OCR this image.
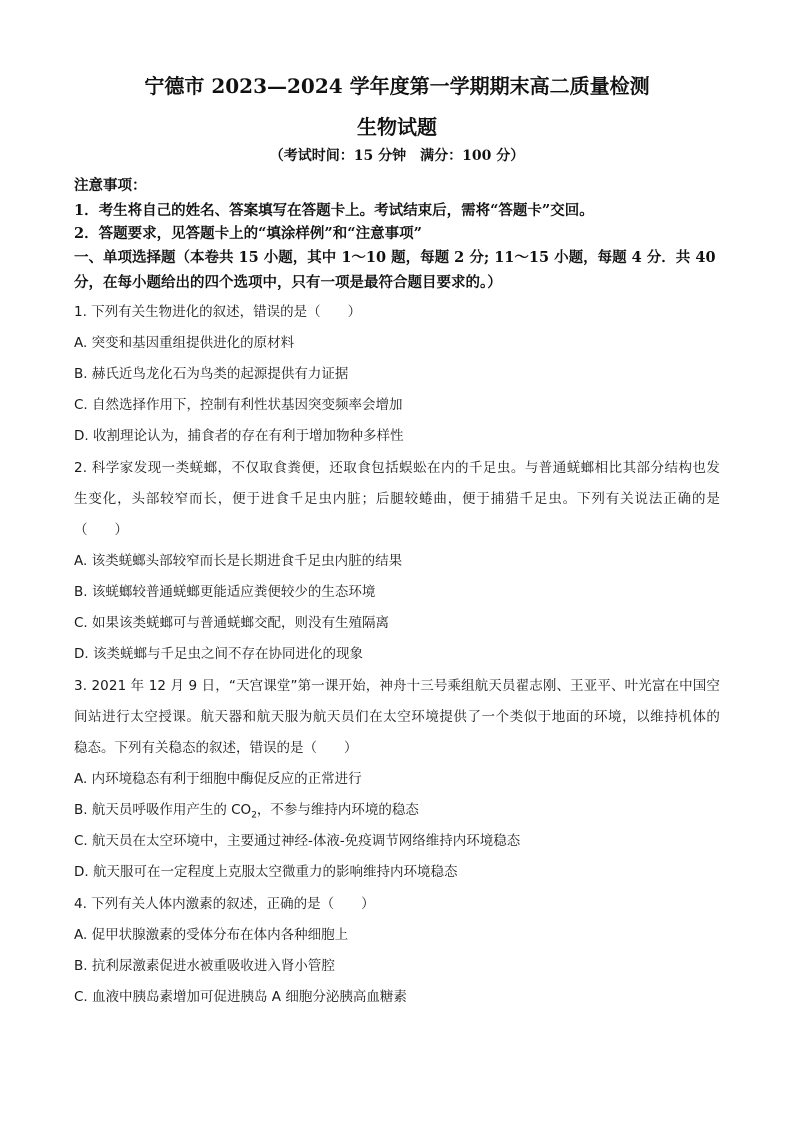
宁德市 2023—2024 学年度第一学期期末高二质量检测
生物试题
（考试时间：15 分钟　满分：100 分）
注意事项：
1．考生将自己的姓名、答案填写在答题卡上。考试结束后，需将“答题卡”交回。
2．答题要求，见答题卡上的“填涂样例”和“注意事项”
一、单项选择题（本卷共 15 小题，其中 1～10 题，每题 2 分; 11～15 小题，每题 4 分．共 40
分，在每小题给出的四个选项中，只有一项是最符合题目要求的。）
1. 下列有关生物进化的叙述，错误的是（　　）
A. 突变和基因重组提供进化的原材料
B. 赫氏近鸟龙化石为鸟类的起源提供有力证据
C. 自然选择作用下，控制有利性状基因突变频率会增加
D. 收割理论认为，捕食者的存在有利于增加物种多样性
2. 科学家发现一类蜣螂，不仅取食粪便，还取食包括蜈蚣在内的千足虫。与普通蜣螂相比其部分结构也发
生变化，头部较窄而长，便于进食千足虫内脏；后腿较蜷曲，便于捕猎千足虫。下列有关说法正确的是
（　　）
A. 该类蜣螂头部较窄而长是长期进食千足虫内脏的结果
B. 该蜣螂较普通蜣螂更能适应粪便较少的生态环境
C. 如果该类蜣螂可与普通蜣螂交配，则没有生殖隔离
D. 该类蜣螂与千足虫之间不存在协同进化的现象
3. 2021 年 12 月 9 日，“天宫课堂”第一课开始，神舟十三号乘组航天员翟志刚、王亚平、叶光富在中国空
间站进行太空授课。航天器和航天服为航天员们在太空环境提供了一个类似于地面的环境，以维持机体的
稳态。下列有关稳态的叙述，错误的是（　　）
A. 内环境稳态有利于细胞中酶促反应的正常进行
B. 航天员呼吸作用产生的 $CO_2$，不参与维持内环境的稳态
C. 航天员在太空环境中，主要通过神经-体液-免疫调节网络维持内环境稳态
D. 航天服可在一定程度上克服太空微重力的影响维持内环境稳态
4. 下列有关人体内激素的叙述，正确的是（　　）
A. 促甲状腺激素的受体分布在体内各种细胞上
B. 抗利尿激素促进水被重吸收进入肾小管腔
C. 血液中胰岛素增加可促进胰岛 A 细胞分泌胰高血糖素
